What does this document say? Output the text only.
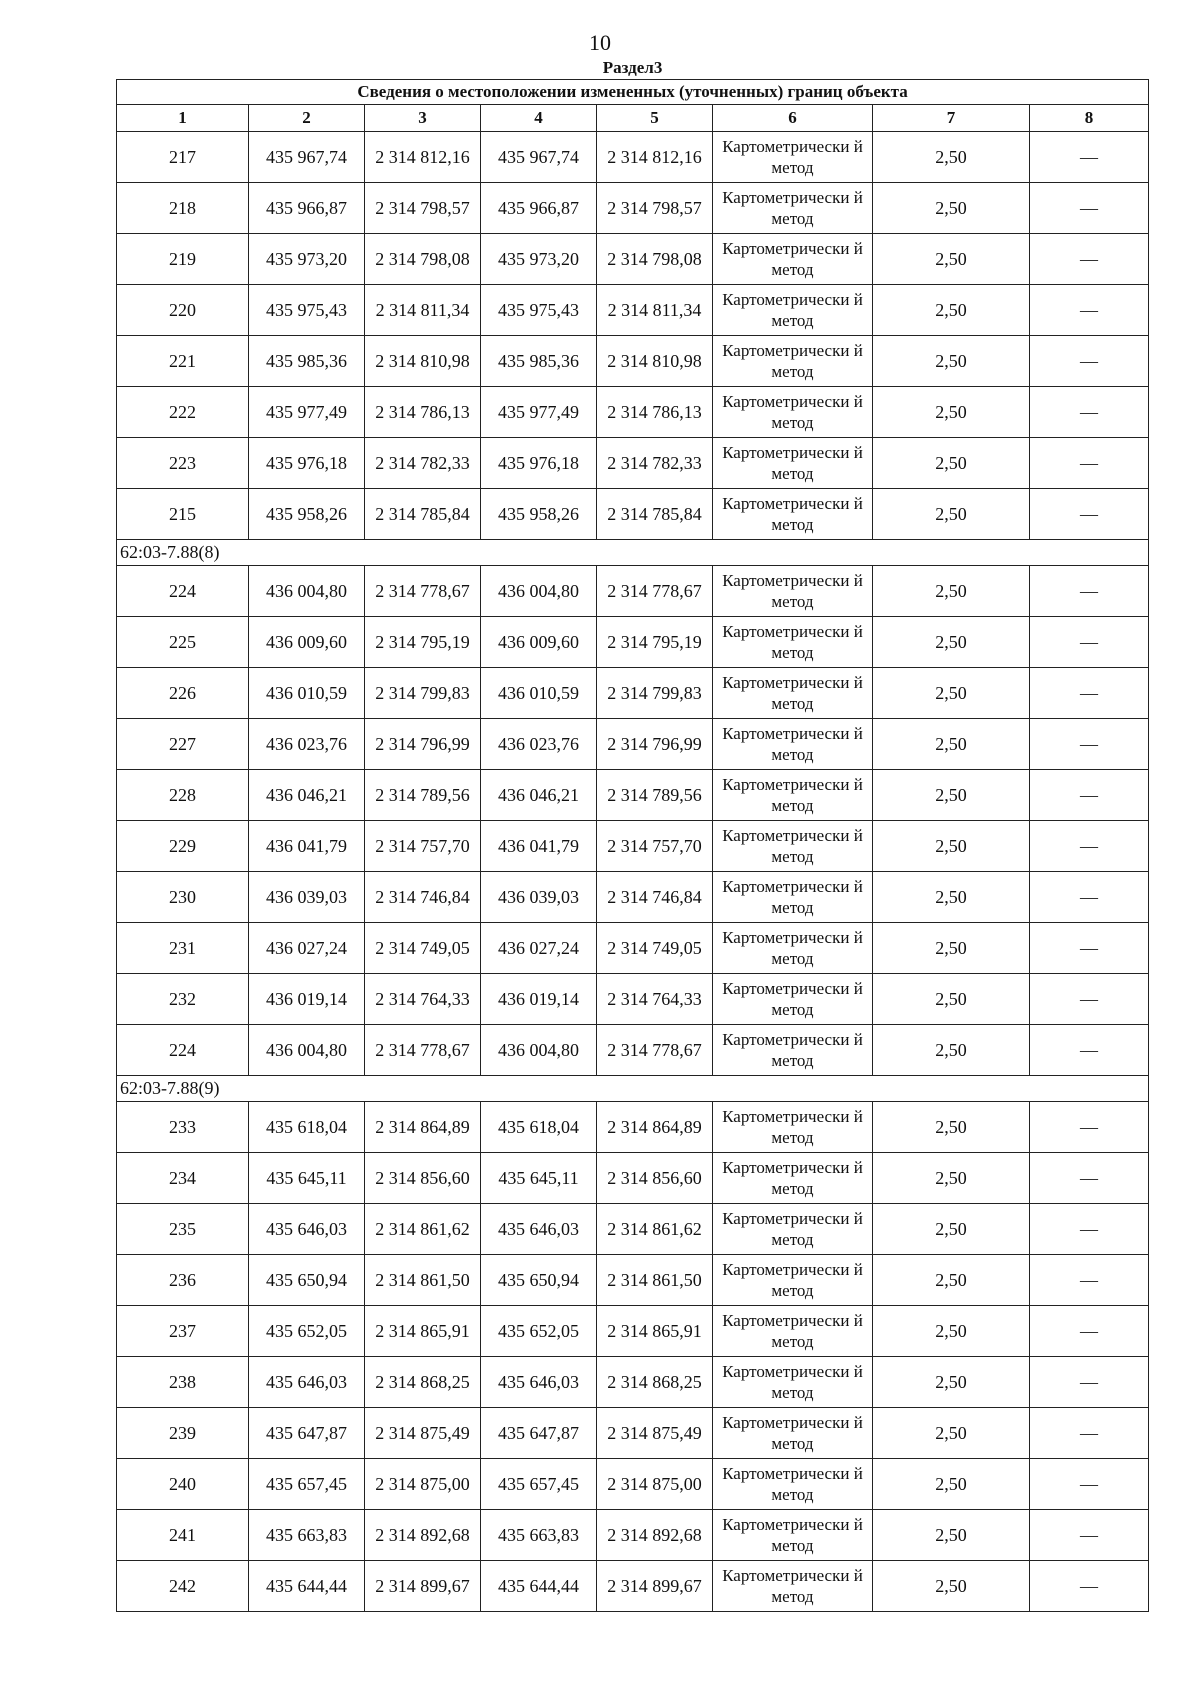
10
Раздел3							
Сведения о местоположении измененных (уточненных) границ объекта							
1	2	3	4	5	6	7	8
217	435 967,74	2 314 812,16	435 967,74	2 314 812,16	Картометрически й метод	2,50	—
218	435 966,87	2 314 798,57	435 966,87	2 314 798,57	Картометрически й метод	2,50	—
219	435 973,20	2 314 798,08	435 973,20	2 314 798,08	Картометрически й метод	2,50	—
220	435 975,43	2 314 811,34	435 975,43	2 314 811,34	Картометрически й метод	2,50	—
221	435 985,36	2 314 810,98	435 985,36	2 314 810,98	Картометрически й метод	2,50	—
222	435 977,49	2 314 786,13	435 977,49	2 314 786,13	Картометрически й метод	2,50	—
223	435 976,18	2 314 782,33	435 976,18	2 314 782,33	Картометрически й метод	2,50	—
215	435 958,26	2 314 785,84	435 958,26	2 314 785,84	Картометрически й метод	2,50	—
62:03-7.88(8)							
224	436 004,80	2 314 778,67	436 004,80	2 314 778,67	Картометрически й метод	2,50	—
225	436 009,60	2 314 795,19	436 009,60	2 314 795,19	Картометрически й метод	2,50	—
226	436 010,59	2 314 799,83	436 010,59	2 314 799,83	Картометрически й метод	2,50	—
227	436 023,76	2 314 796,99	436 023,76	2 314 796,99	Картометрически й метод	2,50	—
228	436 046,21	2 314 789,56	436 046,21	2 314 789,56	Картометрически й метод	2,50	—
229	436 041,79	2 314 757,70	436 041,79	2 314 757,70	Картометрически й метод	2,50	—
230	436 039,03	2 314 746,84	436 039,03	2 314 746,84	Картометрически й метод	2,50	—
231	436 027,24	2 314 749,05	436 027,24	2 314 749,05	Картометрически й метод	2,50	—
232	436 019,14	2 314 764,33	436 019,14	2 314 764,33	Картометрически й метод	2,50	—
224	436 004,80	2 314 778,67	436 004,80	2 314 778,67	Картометрически й метод	2,50	—
62:03-7.88(9)							
233	435 618,04	2 314 864,89	435 618,04	2 314 864,89	Картометрически й метод	2,50	—
234	435 645,11	2 314 856,60	435 645,11	2 314 856,60	Картометрически й метод	2,50	—
235	435 646,03	2 314 861,62	435 646,03	2 314 861,62	Картометрически й метод	2,50	—
236	435 650,94	2 314 861,50	435 650,94	2 314 861,50	Картометрически й метод	2,50	—
237	435 652,05	2 314 865,91	435 652,05	2 314 865,91	Картометрически й метод	2,50	—
238	435 646,03	2 314 868,25	435 646,03	2 314 868,25	Картометрически й метод	2,50	—
239	435 647,87	2 314 875,49	435 647,87	2 314 875,49	Картометрически й метод	2,50	—
240	435 657,45	2 314 875,00	435 657,45	2 314 875,00	Картометрически й метод	2,50	—
241	435 663,83	2 314 892,68	435 663,83	2 314 892,68	Картометрически й метод	2,50	—
242	435 644,44	2 314 899,67	435 644,44	2 314 899,67	Картометрически й метод	2,50	—
